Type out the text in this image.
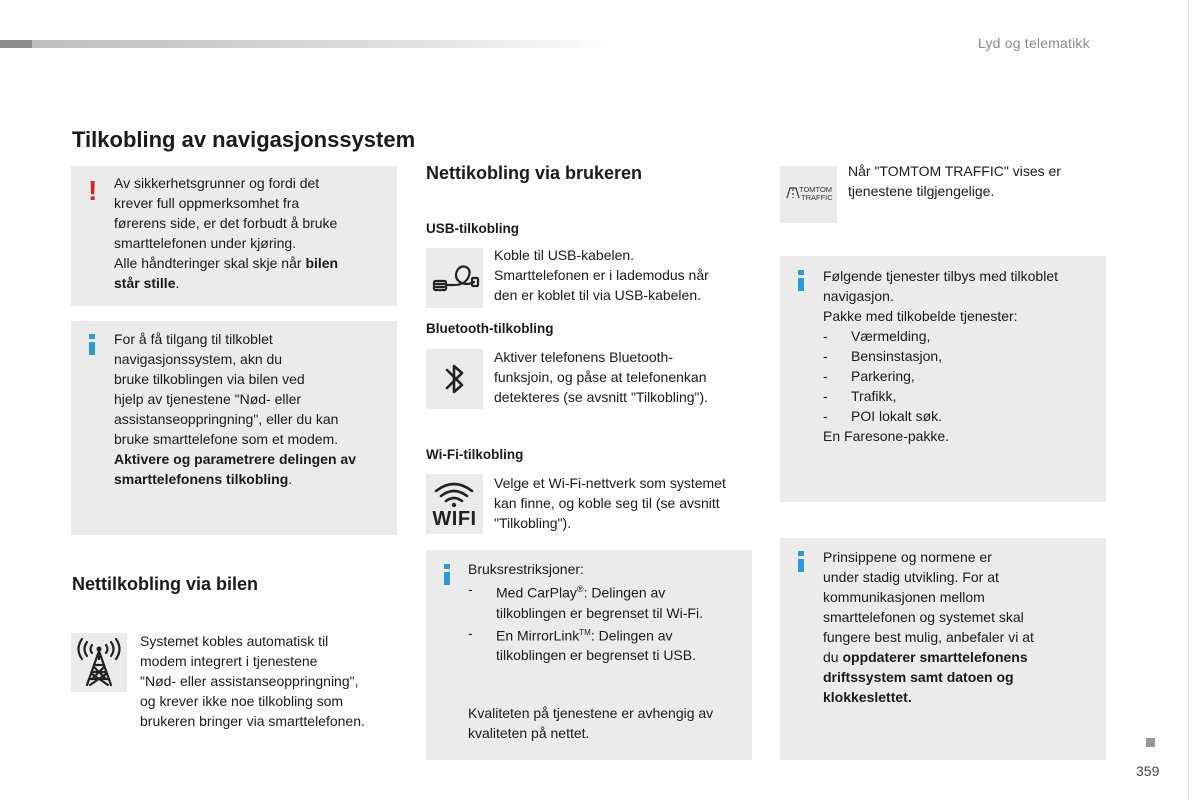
Lyd og telematikk
Tilkobling av navigasjonssystem
! Av sikkerhetsgrunner og fordi det
krever full oppmerksomhet fra
førerens side, er det forbudt å bruke
smarttelefonen under kjøring.
Alle håndteringer skal skje når bilen
står stille.
For å få tilgang til tilkoblet
navigasjonssystem, akn du
bruke tilkoblingen via bilen ved
hjelp av tjenestene "Nød- eller
assistanseoppringning", eller du kan
bruke smarttelefone som et modem.
Aktivere og parametrere delingen av
smarttelefonens tilkobling.
Nettilkobling via bilen
Systemet kobles automatisk til
modem integrert i tjenestene
"Nød- eller assistanseoppringning",
og krever ikke noe tilkobling som
brukeren bringer via smarttelefonen.
Nettikobling via brukeren
USB-tilkobling
Koble til USB-kabelen.
Smarttelefonen er i lademodus når
den er koblet til via USB-kabelen.
Bluetooth-tilkobling
Aktiver telefonens Bluetooth-
funksjoin, og påse at telefonenkan
detekteres (se avsnitt "Tilkobling").
Wi-Fi-tilkobling
WIFI
Velge et Wi-Fi-nettverk som systemet
kan finne, og koble seg til (se avsnitt
"Tilkobling").
Bruksrestriksjoner:
- Med CarPlay®: Delingen av
tilkoblingen er begrenset til Wi-Fi.
- En MirrorLink™: Delingen av
tilkoblingen er begrenset ti USB.
Kvaliteten på tjenestene er avhengig av
kvaliteten på nettet.
TOMTOM
TRAFFIC
Når "TOMTOM TRAFFIC" vises er
tjenestene tilgjengelige.
Følgende tjenester tilbys med tilkoblet
navigasjon.
Pakke med tilkobelde tjenester:
- Værmelding,
- Bensinstasjon,
- Parkering,
- Trafikk,
- POI lokalt søk.
En Faresone-pakke.
Prinsippene og normene er
under stadig utvikling. For at
kommunikasjonen mellom
smarttelefonen og systemet skal
fungere best mulig, anbefaler vi at
du oppdaterer smarttelefonens
driftssystem samt datoen og
klokkeslettet.
359
